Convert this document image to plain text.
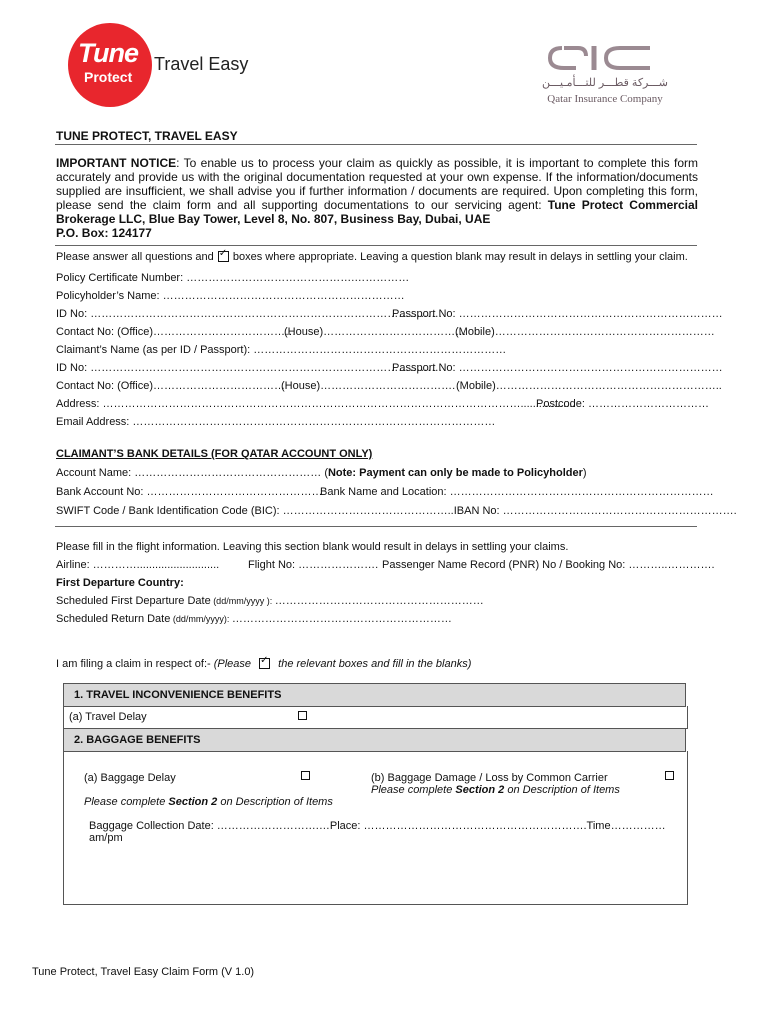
Tune
Protect
Travel Easy
شـــركة قطـــر للتـــأمـيـــن
Qatar Insurance Company
TUNE PROTECT, TRAVEL EASY
IMPORTANT NOTICE: To enable us to process your claim as quickly as possible, it is important to complete this form accurately and provide us with the original documentation requested at your own expense. If the information/documents supplied are insufficient, we shall advise you if further information / documents are required. Upon completing this form, please send the claim form and all supporting documentations to our servicing agent: Tune Protect Commercial Brokerage LLC, Blue Bay Tower, Level 8, No. 807, Business Bay, Dubai, UAE
P.O. Box: 124177
Please answer all questions and ✓ boxes where appropriate. Leaving a question blank may result in delays in settling your claim.
Policy Certificate Number: ……………………………………….……………
Policyholder’s Name: …………………………………………………………
ID No: ……………………………………………………………………………………
Passport No: ………………………………………………………………
Contact No: (Office)…………………………………
(House)…………………………………
(Mobile)……………………………………………………
Claimant’s Name (as per ID / Passport): ……………………………………………………………
ID No: ……………………………………………………………………………………
Passport No: ………………………………………………………………
Contact No: (Office)………………………………
(House)………………………………. (Mobile)……………………………………………………..
Address: ……………………………………………………………………………………………………..................
Postcode: ……………………………
Email Address: ………………………………………………………………………………………
CLAIMANT’S BANK DETAILS (FOR QATAR ACCOUNT ONLY)
Account Name: …………………………………………… (Note: Payment can only be made to Policyholder)
Bank Account No: …………………………………………
Bank Name and Location: ………………………………………………………………
SWIFT Code / Bank Identification Code (BIC): ………………………………………..IBAN No: ……………………………………………………….
Please fill in the flight information. Leaving this section blank would result in delays in settling your claims.
Airline: …………...........................	Flight No: …………………. Passenger Name Record (PNR) No / Booking No: ………..………….
First Departure Country:
Scheduled First Departure Date (dd/mm/yyyy ): …………………………………………………
Scheduled Return Date (dd/mm/yyyy): ……………………………………………………
I am filing a claim in respect of:- (Please ✓ the relevant boxes and fill in the blanks)
1. TRAVEL INCONVENIENCE BENEFITS
(a) Travel Delay
2. BAGGAGE BENEFITS
(a) Baggage Delay
Please complete Section 2 on Description of Items
(b) Baggage Damage / Loss by Common Carrier
Please complete Section 2 on Description of Items
Baggage Collection Date: ……………………….…Place: …………………………………………………….Time…………… am/pm
Tune Protect, Travel Easy Claim Form (V 1.0)
